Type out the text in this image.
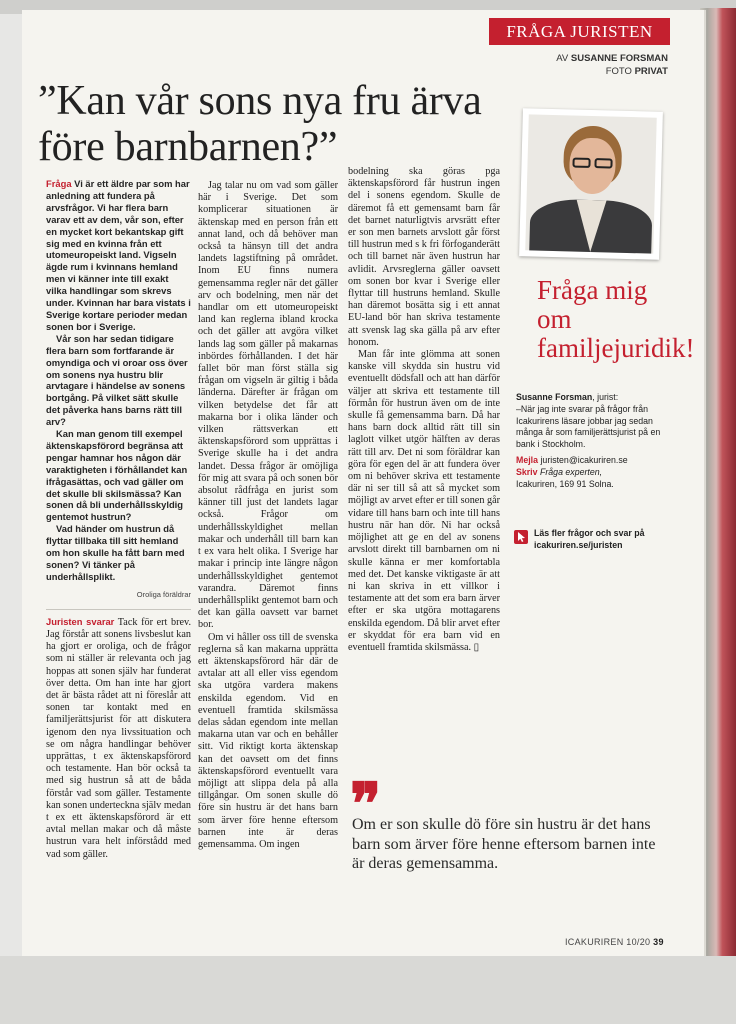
FRÅGA JURISTEN
AV SUSANNE FORSMAN
FOTO PRIVAT
”Kan vår sons nya fru ärva före barnbarnen?”

Fråga Vi är ett äldre par som har anledning att fundera på arvsfrågor. Vi har flera barn varav ett av dem, vår son, efter en mycket kort bekantskap gift sig med en kvinna från ett utomeuropeiskt land. Vigseln ägde rum i kvinnans hemland men vi känner inte till exakt vilka handlingar som skrevs under. Kvinnan har bara vistats i Sverige kortare perioder medan sonen bor i Sverige.

Vår son har sedan tidigare flera barn som fortfarande är omyndiga och vi oroar oss över om sonens nya hustru blir arvtagare i händelse av sonens bortgång. På vilket sätt skulle det påverka hans barns rätt till arv?

Kan man genom till exempel äktenskapsförord begränsa att pengar hamnar hos någon där varaktigheten i förhållandet kan ifrågasättas, och vad gäller om det skulle bli skilsmässa? Kan sonen då bli underhållsskyldig gentemot hustrun?

Vad händer om hustrun då flyttar tillbaka till sitt hemland om hon skulle ha fått barn med sonen? Vi tänker på underhållsplikt.

Oroliga föräldrar

Juristen svarar Tack för ert brev. Jag förstår att sonens livsbeslut kan ha gjort er oroliga, och de frågor som ni ställer är relevanta och jag hoppas att sonen själv har funderat över detta. Om han inte har gjort det är bästa rådet att ni föreslår att sonen tar kontakt med en familjerättsjurist för att diskutera igenom den nya livssituation och se om några handlingar behöver upprättas, t ex äktenskapsförord och testamente. Han bör också ta med sig hustrun så att de båda förstår vad som gäller. Testamente kan sonen underteckna själv medan t ex ett äktenskapsförord är ett avtal mellan makar och då måste hustrun vara helt införstådd med vad som gäller.

Jag talar nu om vad som gäller här i Sverige. Det som komplicerar situationen är äktenskap med en person från ett annat land, och då behöver man också ta hänsyn till det andra landets lagstiftning på området. Inom EU finns numera gemensamma regler när det gäller arv och bodelning, men när det handlar om ett utomeuropeiskt land kan reglerna ibland krocka och det gäller att avgöra vilket lands lag som gäller på makarnas inbördes förhållanden. I det här fallet bör man först ställa sig frågan om vigseln är giltig i båda länderna. Därefter är frågan om vilken betydelse det får att makarna bor i olika länder och vilken rättsverkan ett äktenskapsförord som upprättas i Sverige skulle ha i det andra landet. Dessa frågor är omöjliga för mig att svara på och sonen bör absolut rådfråga en jurist som känner till just det landets lagar också. Frågor om underhållsskyldighet mellan makar och underhåll till barn kan t ex vara helt olika. I Sverige har makar i princip inte längre någon underhållsskyldighet gentemot varandra. Däremot finns underhållsplikt gentemot barn och det kan gälla oavsett var barnet bor.

Om vi håller oss till de svenska reglerna så kan makarna upprätta ett äktenskapsförord här där de avtalar att all eller viss egendom ska utgöra vardera makens enskilda egendom. Vid en eventuell framtida skilsmässa delas sådan egendom inte mellan makarna utan var och en behåller sitt. Vid riktigt korta äktenskap kan det oavsett om det finns äktenskapsförord eventuellt vara möjligt att slippa dela på alla tillgångar. Om sonen skulle dö före sin hustru är det hans barn som ärver före henne eftersom barnen inte är deras gemensamma. Om ingen

bodelning ska göras pga äktenskapsförord får hustrun ingen del i sonens egendom. Skulle de däremot få ett gemensamt barn får det barnet naturligtvis arvsrätt efter er son men barnets arvslott går först till hustrun med s k fri förfoganderätt och till barnet när även hustrun har avlidit. Arvsreglerna gäller oavsett om sonen bor kvar i Sverige eller flyttar till hustruns hemland. Skulle han däremot bosätta sig i ett annat EU-land bör han skriva testamente att svensk lag ska gälla på arv efter honom.

Man får inte glömma att sonen kanske vill skydda sin hustru vid eventuellt dödsfall och att han därför väljer att skriva ett testamente till förmån för hustrun även om de inte skulle få gemensamma barn. Då har hans barn dock alltid rätt till sin laglott vilket utgör hälften av deras rätt till arv. Det ni som föräldrar kan göra för egen del är att fundera över om ni behöver skriva ett testamente där ni ser till så att så mycket som möjligt av arvet efter er till sonen går vidare till hans barn och inte till hans hustru när han dör. Ni har också möjlighet att ge en del av sonens arvslott direkt till barnbarnen om ni skulle känna er mer komfortabla med det. Det kanske viktigaste är att ni kan skriva in ett villkor i testamente att det som era barn ärver efter er ska utgöra mottagarens enskilda egendom. Då blir arvet efter er skyddat för era barn vid en eventuell framtida skilsmässa. ▯

Fråga mig om familjejuridik!

Susanne Forsman, jurist:
–När jag inte svarar på frågor från Icakurirens läsare jobbar jag sedan många år som familjerättsjurist på en bank i Stockholm.

Mejla juristen@icakuriren.se
Skriv Fråga experten,
Icakuriren, 169 91 Solna.

Läs fler frågor och svar på icakuriren.se/juristen
❞

Om er son skulle dö före sin hustru är det hans barn som ärver före henne eftersom barnen inte är deras gemensamma.

ICAKURIREN 10/20 39
